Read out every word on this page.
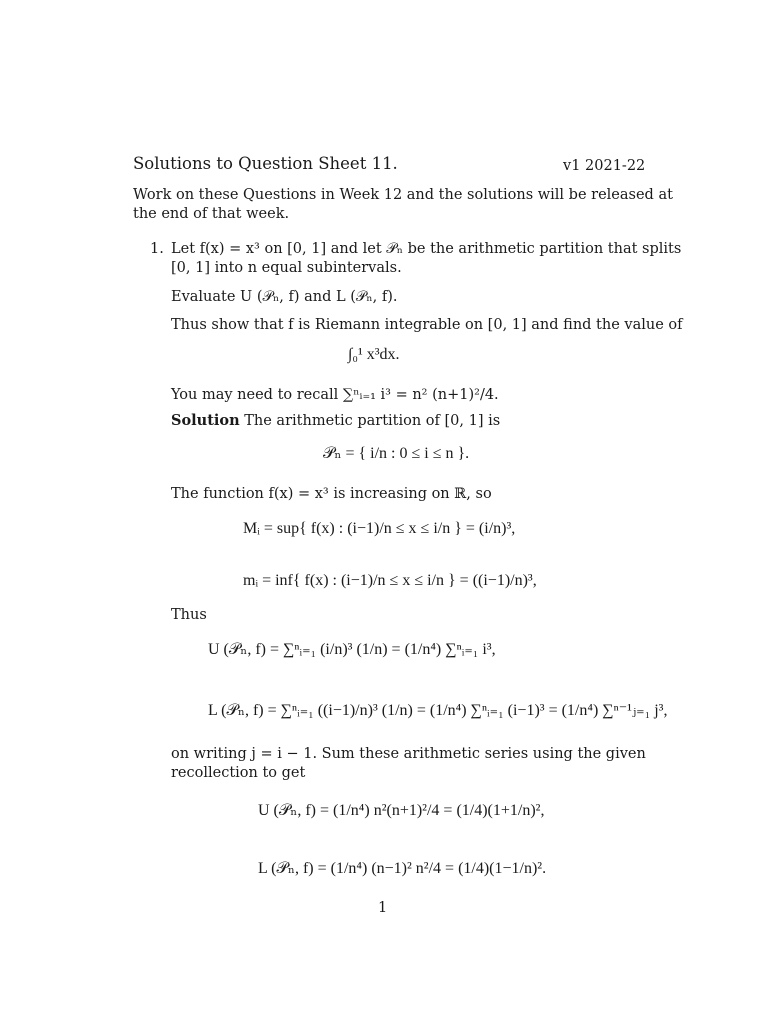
Solutions to Question Sheet 11.	v1 2021-22
Work on these Questions in Week 12 and the solutions will be released at
the end of that week.
1. Let f(x) = x³ on [0, 1] and let 𝒫ₙ be the arithmetic partition that splits
[0, 1] into n equal subintervals.
Evaluate U (𝒫ₙ, f) and L (𝒫ₙ, f).
Thus show that f is Riemann integrable on [0, 1] and find the value of
∫₀¹ x³dx.
You may need to recall ∑ⁿᵢ₌₁ i³ = n² (n+1)²/4.
Solution The arithmetic partition of [0, 1] is
𝒫ₙ = { i/n : 0 ≤ i ≤ n }.
The function f(x) = x³ is increasing on ℝ, so
Mᵢ = sup{ f(x) : (i−1)/n ≤ x ≤ i/n } = (i/n)³,
mᵢ = inf{ f(x) : (i−1)/n ≤ x ≤ i/n } = ((i−1)/n)³,
Thus
U (𝒫ₙ, f) = ∑ⁿᵢ₌₁ (i/n)³ (1/n) = (1/n⁴) ∑ⁿᵢ₌₁ i³,
L (𝒫ₙ, f) = ∑ⁿᵢ₌₁ ((i−1)/n)³ (1/n) = (1/n⁴) ∑ⁿᵢ₌₁ (i−1)³ = (1/n⁴) ∑ⁿ⁻¹ⱼ₌₁ j³,
on writing j = i − 1. Sum these arithmetic series using the given
recollection to get
U (𝒫ₙ, f) = (1/n⁴) n²(n+1)²/4 = (1/4)(1+1/n)²,
L (𝒫ₙ, f) = (1/n⁴) (n−1)² n²/4 = (1/4)(1−1/n)².
1
